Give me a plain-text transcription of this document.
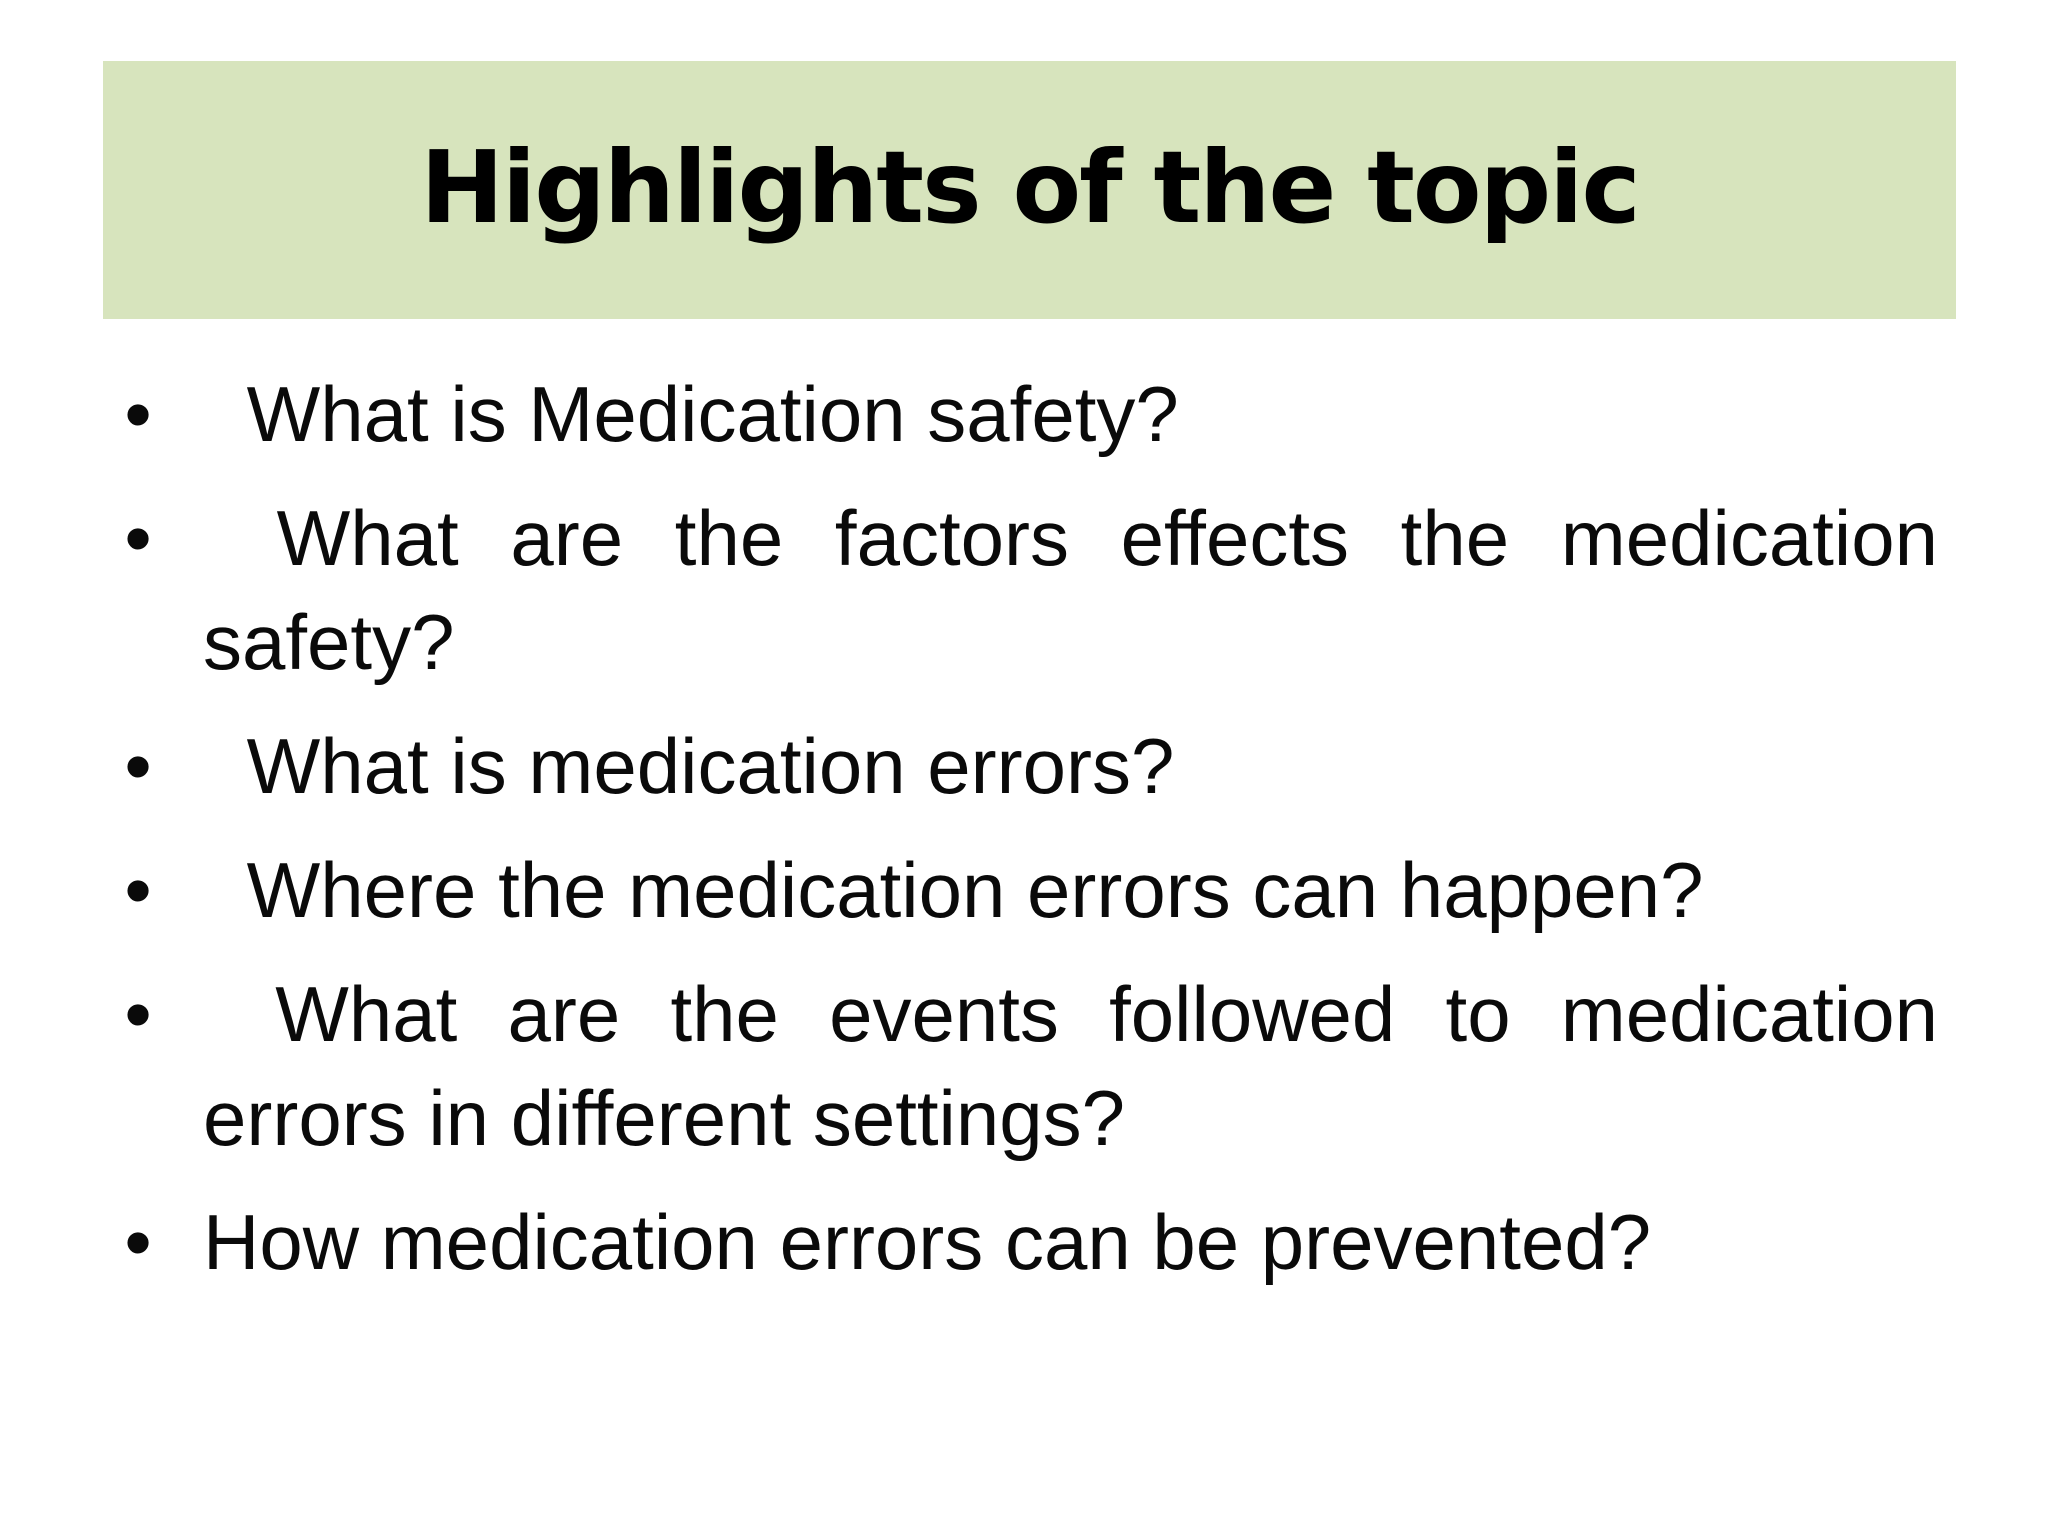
Highlights of the topic
• What is Medication safety?
• What are the factors effects the medication safety?
• What is medication errors?
• Where the medication errors can happen?
• What are the events followed to medication errors in different settings?
• How medication errors can be prevented?
